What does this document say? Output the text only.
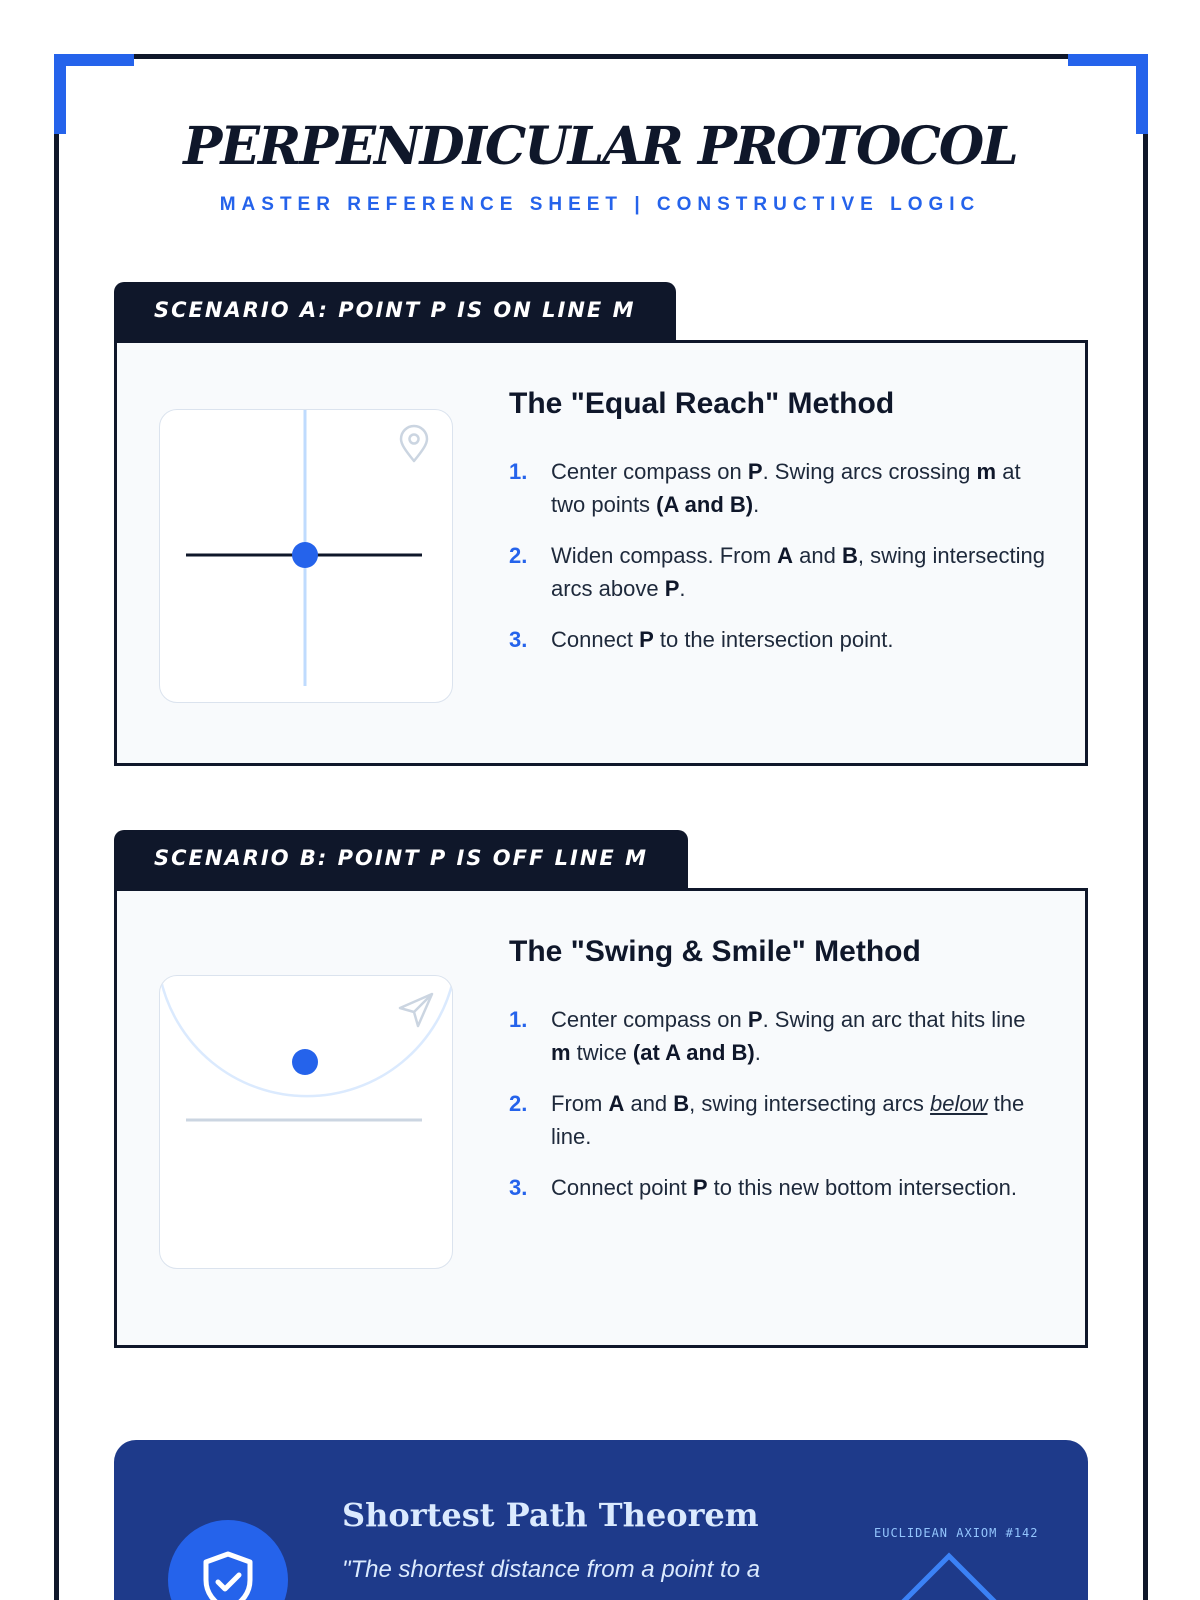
PERPENDICULAR PROTOCOL
MASTER REFERENCE SHEET | CONSTRUCTIVE LOGIC
SCENARIO A: POINT P IS ON LINE M
The "Equal Reach" Method
1. Center compass on P. Swing arcs crossing m at two points (A and B).
2. Widen compass. From A and B, swing intersecting arcs above P.
3. Connect P to the intersection point.
SCENARIO B: POINT P IS OFF LINE M
The "Swing & Smile" Method
1. Center compass on P. Swing an arc that hits line m twice (at A and B).
2. From A and B, swing intersecting arcs below the line.
3. Connect point P to this new bottom intersection.
Shortest Path Theorem
"The shortest distance from a point to a
EUCLIDEAN AXIOM #142
